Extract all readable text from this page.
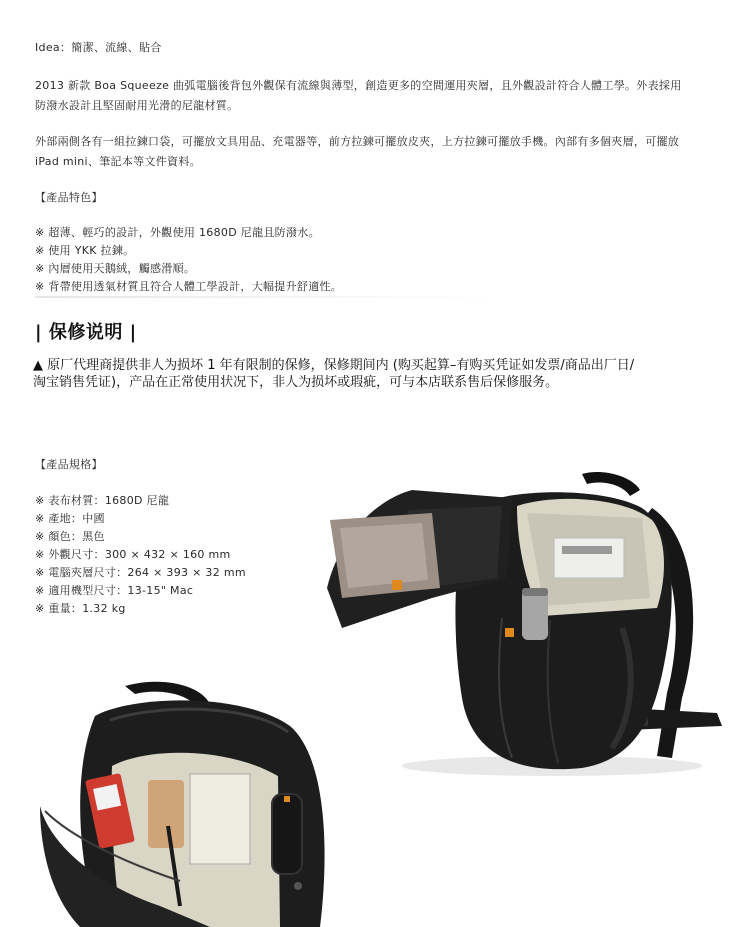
Idea：簡潔、流線、貼合

2013 新款 Boa Squeeze 曲弧電腦後背包外觀保有流線與薄型，創造更多的空間運用夾層，且外觀設計符合人體工學。外表採用

防潑水設計且堅固耐用光滑的尼龍材質。

外部兩側各有一組拉鍊口袋，可擺放文具用品、充電器等，前方拉鍊可擺放皮夾，上方拉鍊可擺放手機。內部有多個夾層，可擺放

iPad mini、筆記本等文件資料。

【產品特色】
※ 超薄、輕巧的設計，外觀使用 1680D 尼龍且防潑水。
※ 使用 YKK 拉鍊。
※ 內層使用天鵝絨，觸感滑順。
※ 背帶使用透氣材質且符合人體工學設計，大幅提升舒適性。
| 保修说明 |

▲ 原厂代理商提供非人为损坏 1 年有限制的保修，保修期间内 (购买起算–有购买凭证如发票/商品出厂日/

淘宝销售凭证)，产品在正常使用状况下，非人为损坏或瑕疵，可与本店联系售后保修服务。

【產品規格】
※ 表布材質：1680D 尼龍
※ 產地：中國
※ 顏色：黑色
※ 外觀尺寸：300 × 432 × 160 mm
※ 電腦夾層尺寸：264 × 393 × 32 mm
※ 適用機型尺寸：13-15" Mac
※ 重量：1.32 kg
